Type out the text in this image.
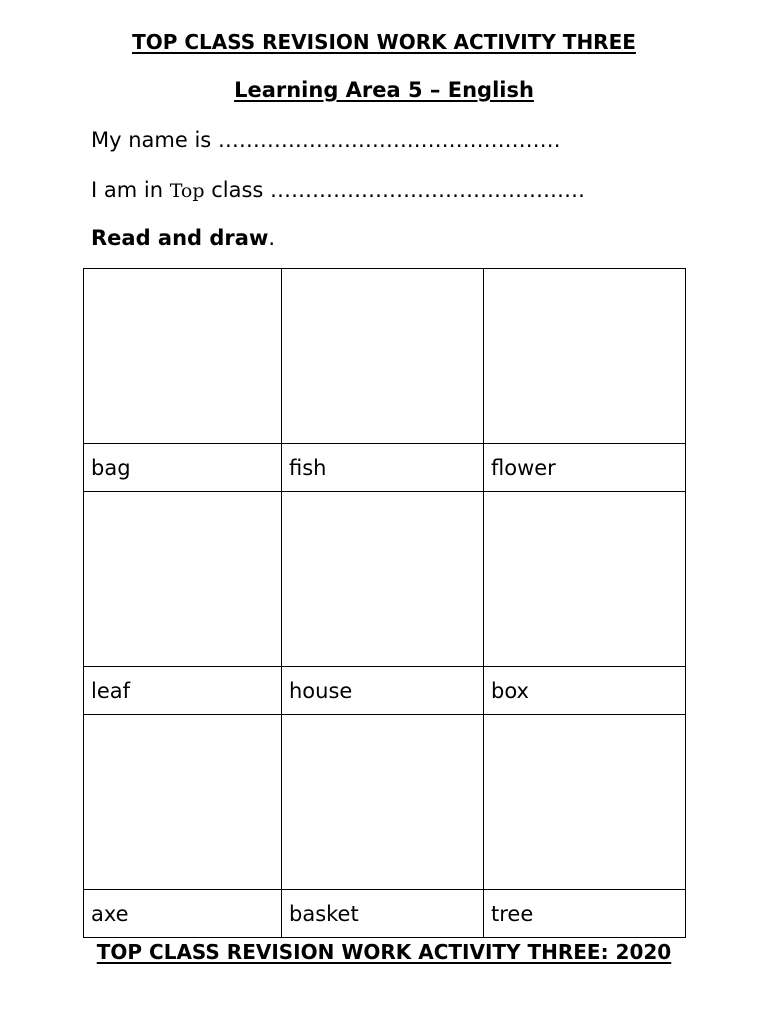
TOP CLASS REVISION WORK ACTIVITY THREE
Learning Area 5 – English
My name is ……………………….…………………
I am in Top class ………………………………………
Read and draw.

bag	fish	flower

leaf	house	box

axe	basket	tree
TOP CLASS REVISION WORK ACTIVITY THREE: 2020
